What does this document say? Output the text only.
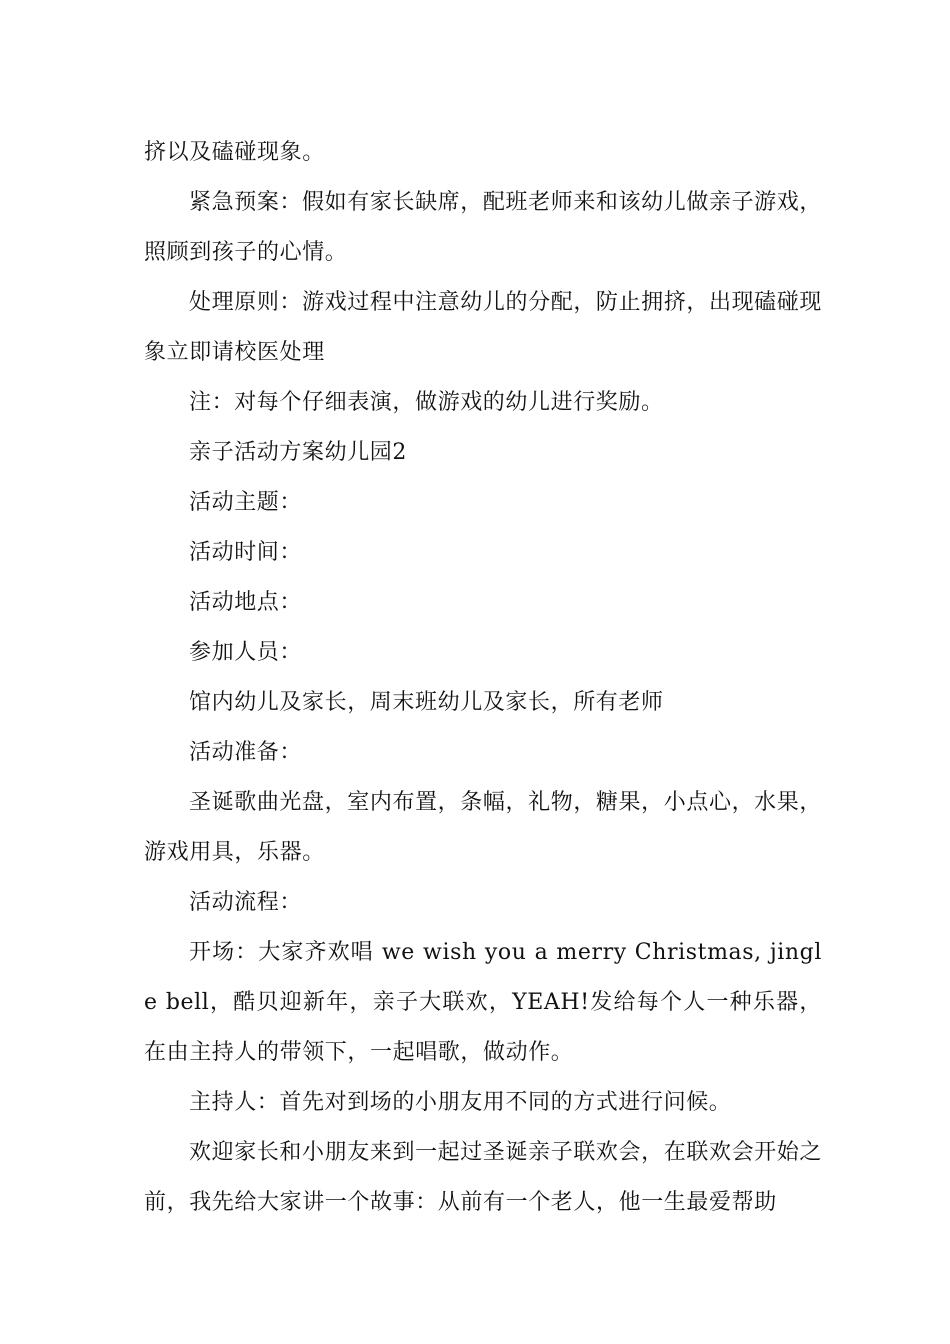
挤以及磕碰现象。

紧急预案：假如有家长缺席，配班老师来和该幼儿做亲子游戏，照顾到孩子的心情。

处理原则：游戏过程中注意幼儿的分配，防止拥挤，出现磕碰现象立即请校医处理

注：对每个仔细表演，做游戏的幼儿进行奖励。

亲子活动方案幼儿园2

活动主题：

活动时间：

活动地点：

参加人员：

馆内幼儿及家长，周末班幼儿及家长，所有老师

活动准备：

圣诞歌曲光盘，室内布置，条幅，礼物，糖果，小点心，水果，游戏用具，乐器。

活动流程：

开场：大家齐欢唱 we wish you a merry Christmas, jingle bell，酷贝迎新年，亲子大联欢，YEAH!发给每个人一种乐器，在由主持人的带领下，一起唱歌，做动作。

主持人：首先对到场的小朋友用不同的方式进行问候。

欢迎家长和小朋友来到一起过圣诞亲子联欢会，在联欢会开始之前，我先给大家讲一个故事：从前有一个老人，他一生最爱帮助
